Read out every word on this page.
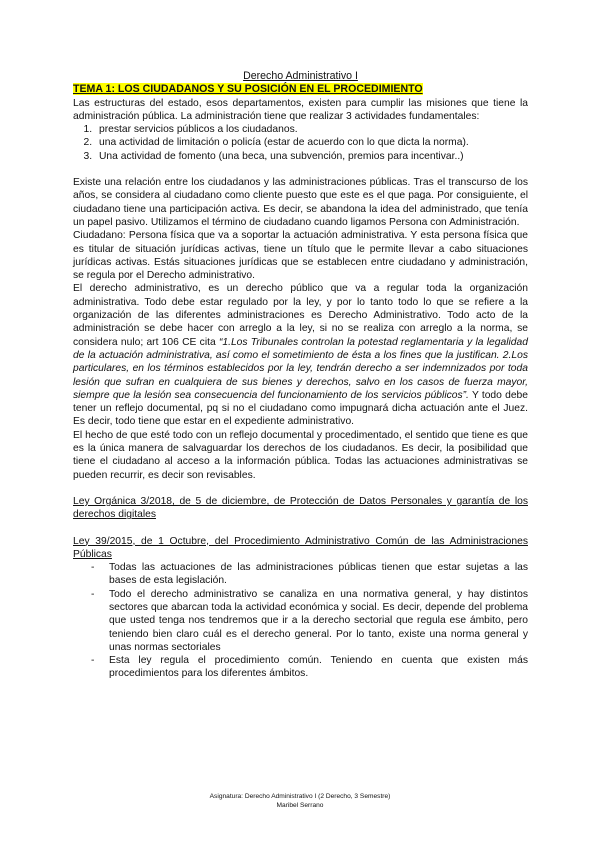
Derecho Administrativo I
TEMA 1: LOS CIUDADANOS Y SU POSICIÓN EN EL PROCEDIMIENTO

Las estructuras del estado, esos departamentos, existen para cumplir las misiones que tiene la administración pública. La administración tiene que realizar 3 actividades fundamentales:

1. prestar servicios públicos a los ciudadanos.
2. una actividad de limitación o policía (estar de acuerdo con lo que dicta la norma).
3. Una actividad de fomento (una beca, una subvención, premios para incentivar..)

Existe una relación entre los ciudadanos y las administraciones públicas. Tras el transcurso de los años, se considera al ciudadano como cliente puesto que este es el que paga. Por consiguiente, el ciudadano tiene una participación activa. Es decir, se abandona la idea del administrado, que tenía un papel pasivo. Utilizamos el término de ciudadano cuando ligamos Persona con Administración.

Ciudadano: Persona física que va a soportar la actuación administrativa. Y esta persona física que es titular de situación jurídicas activas, tiene un título que le permite llevar a cabo situaciones jurídicas activas. Estás situaciones jurídicas que se establecen entre ciudadano y administración, se regula por el Derecho administrativo.

El derecho administrativo, es un derecho público que va a regular toda la organización administrativa. Todo debe estar regulado por la ley, y por lo tanto todo lo que se refiere a la organización de las diferentes administraciones es Derecho Administrativo. Todo acto de la administración se debe hacer con arreglo a la ley, si no se realiza con arreglo a la norma, se considera nulo; art 106 CE cita “1.Los Tribunales controlan la potestad reglamentaria y la legalidad de la actuación administrativa, así como el sometimiento de ésta a los fines que la justifican. 2.Los particulares, en los términos establecidos por la ley, tendrán derecho a ser indemnizados por toda lesión que sufran en cualquiera de sus bienes y derechos, salvo en los casos de fuerza mayor, siempre que la lesión sea consecuencia del funcionamiento de los servicios públicos”. Y todo debe tener un reflejo documental, pq si no el ciudadano como impugnará dicha actuación ante el Juez. Es decir, todo tiene que estar en el expediente administrativo.

El hecho de que esté todo con un reflejo documental y procedimentado, el sentido que tiene es que es la única manera de salvaguardar los derechos de los ciudadanos. Es decir, la posibilidad que tiene el ciudadano al acceso a la información pública. Todas las actuaciones administrativas se pueden recurrir, es decir son revisables.

Ley Orgánica 3/2018, de 5 de diciembre, de Protección de Datos Personales y garantía de los derechos digitales

Ley 39/2015, de 1 Octubre, del Procedimiento Administrativo Común de las Administraciones Públicas

- Todas las actuaciones de las administraciones públicas tienen que estar sujetas a las bases de esta legislación.
- Todo el derecho administrativo se canaliza en una normativa general, y hay distintos sectores que abarcan toda la actividad económica y social. Es decir, depende del problema que usted tenga nos tendremos que ir a la derecho sectorial que regula ese ámbito, pero teniendo bien claro cuál es el derecho general. Por lo tanto, existe una norma general y unas normas sectoriales
- Esta ley regula el procedimiento común. Teniendo en cuenta que existen más procedimientos para los diferentes ámbitos.
Asignatura: Derecho Administrativo I (2 Derecho, 3 Semestre)
Maribel Serrano
